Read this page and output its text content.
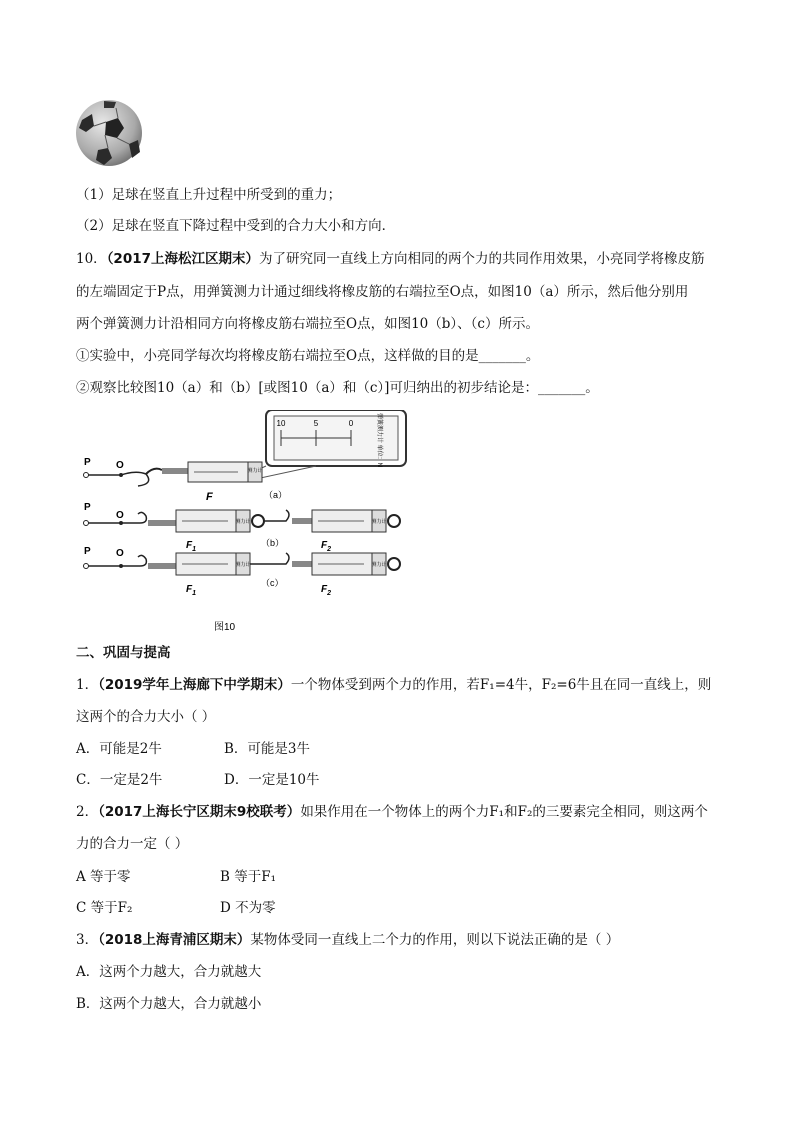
（1）足球在竖直上升过程中所受到的重力；
（2）足球在竖直下降过程中受到的合力大小和方向．
10．（2017上海松江区期末）为了研究同一直线上方向相同的两个力的共同作用效果，小亮同学将橡皮筋
的左端固定于P点，用弹簧测力计通过细线将橡皮筋的右端拉至O点，如图10（a）所示，然后他分别用
两个弹簧测力计沿相同方向将橡皮筋右端拉至O点，如图10（b）、（c）所示。
①实验中，小亮同学每次均将橡皮筋右端拉至O点，这样做的目的是_______。
②观察比较图10（a）和（b）[或图10（a）和（c）]可归纳出的初步结论是：_______。
10	5	0	弹簧测力计 单位：N
P	O	测力计
F	（a）
P
O
测力计	测力计
$F_1$
（b）	$F_2$
P	O
测力计	测力计
$F_1$
（c）
$F_2$
图10
二、巩固与提高
1．（2019学年上海廊下中学期末）一个物体受到两个力的作用，若F₁=4牛，F₂=6牛且在同一直线上，则
这两个的合力大小（ ）
A．可能是2牛	B．可能是3牛
C．一定是2牛	D．一定是10牛
2．（2017上海长宁区期末9校联考）如果作用在一个物体上的两个力F₁和F₂的三要素完全相同，则这两个
力的合力一定（ ）
A 等于零	B 等于F₁
C 等于F₂	D 不为零
3．（2018上海青浦区期末）某物体受同一直线上二个力的作用，则以下说法正确的是（ ）
A．这两个力越大，合力就越大
B．这两个力越大，合力就越小
